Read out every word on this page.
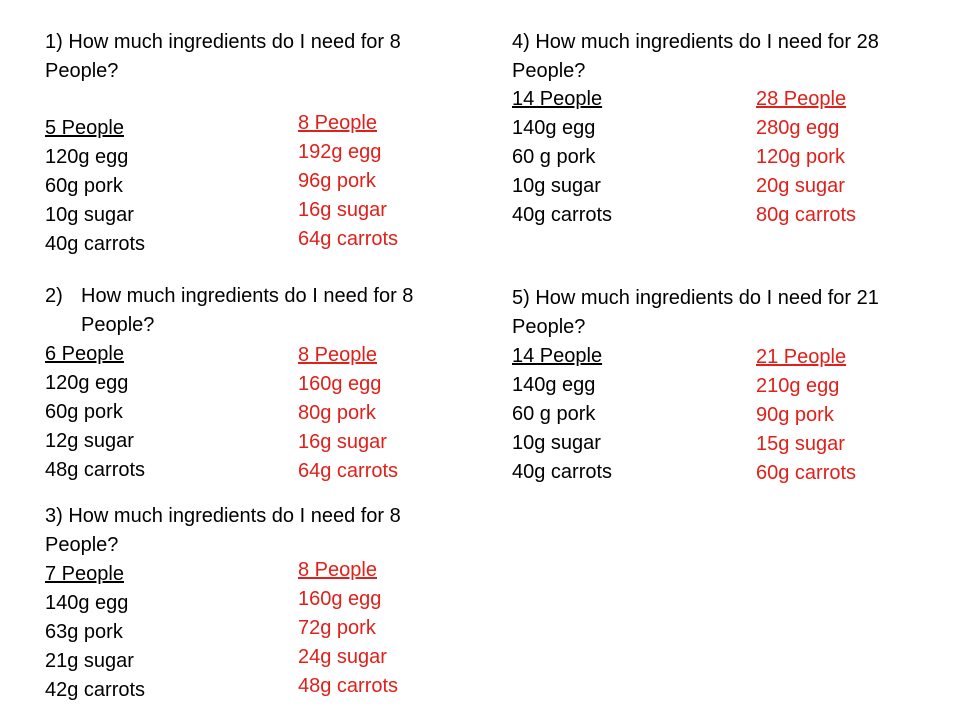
1) How much ingredients do I need for 8 People?
5 People
120g egg
60g pork
10g sugar
40g carrots
8 People
192g egg
96g pork
16g sugar
64g carrots
2) How much ingredients do I need for 8 People?
6 People
120g egg
60g pork
12g sugar
48g carrots
8 People
160g egg
80g pork
16g sugar
64g carrots
3) How much ingredients do I need for 8 People?
7 People
140g egg
63g pork
21g sugar
42g carrots
8 People
160g egg
72g pork
24g sugar
48g carrots
4) How much ingredients do I need for 28 People?
14 People
140g egg
60 g pork
10g sugar
40g carrots
28 People
280g egg
120g pork
20g sugar
80g carrots
5) How much ingredients do I need for 21 People?
14 People
140g egg
60 g pork
10g sugar
40g carrots
21 People
210g egg
90g pork
15g sugar
60g carrots
